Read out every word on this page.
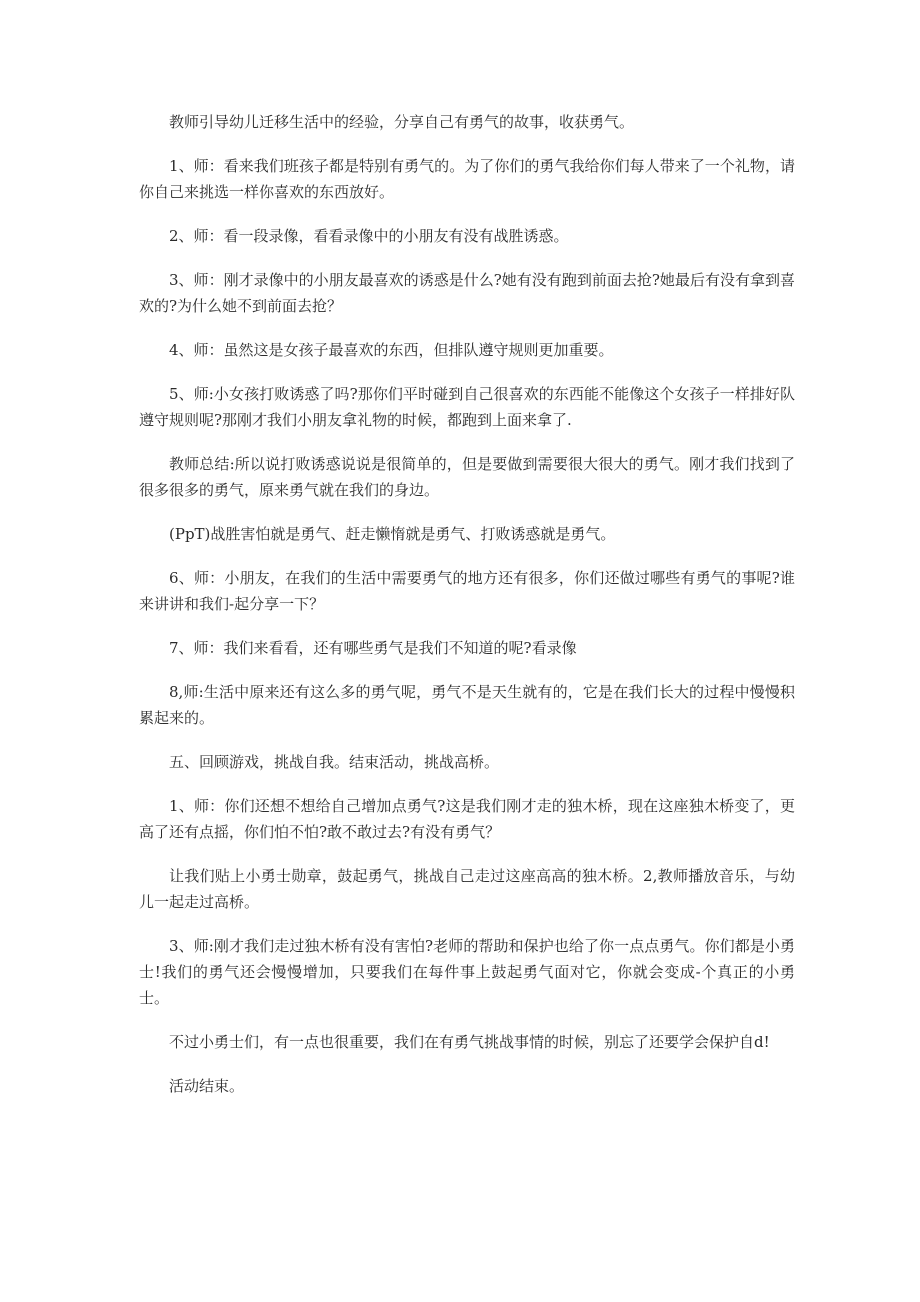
教师引导幼儿迁移生活中的经验，分享自己有勇气的故事，收获勇气。

1、师：看来我们班孩子都是特别有勇气的。为了你们的勇气我给你们每人带来了一个礼物，请你自己来挑选一样你喜欢的东西放好。

2、师：看一段录像，看看录像中的小朋友有没有战胜诱惑。

3、师：刚才录像中的小朋友最喜欢的诱惑是什么?她有没有跑到前面去抢?她最后有没有拿到喜欢的?为什么她不到前面去抢？

4、师：虽然这是女孩子最喜欢的东西，但排队遵守规则更加重要。

5、师:小女孩打败诱惑了吗?那你们平时碰到自己很喜欢的东西能不能像这个女孩子一样排好队遵守规则呢?那刚才我们小朋友拿礼物的时候，都跑到上面来拿了.

教师总结:所以说打败诱惑说说是很简单的，但是要做到需要很大很大的勇气。刚才我们找到了很多很多的勇气，原来勇气就在我们的身边。

(PpT)战胜害怕就是勇气、赶走懒惰就是勇气、打败诱惑就是勇气。

6、师：小朋友，在我们的生活中需要勇气的地方还有很多，你们还做过哪些有勇气的事呢?谁来讲讲和我们-起分享一下？

7、师：我们来看看，还有哪些勇气是我们不知道的呢?看录像

8,师:生活中原来还有这么多的勇气呢，勇气不是天生就有的，它是在我们长大的过程中慢慢积累起来的。

五、回顾游戏，挑战自我。结束活动，挑战高桥。

1、师：你们还想不想给自己增加点勇气?这是我们刚才走的独木桥，现在这座独木桥变了，更高了还有点摇，你们怕不怕?敢不敢过去?有没有勇气？

让我们贴上小勇士勋章，鼓起勇气，挑战自己走过这座高高的独木桥。2,教师播放音乐，与幼儿一起走过高桥。

3、师:刚才我们走过独木桥有没有害怕?老师的帮助和保护也给了你一点点勇气。你们都是小勇士!我们的勇气还会慢慢增加，只要我们在每件事上鼓起勇气面对它，你就会变成-个真正的小勇士。

不过小勇士们，有一点也很重要，我们在有勇气挑战事情的时候，别忘了还要学会保护自d!

活动结束。
